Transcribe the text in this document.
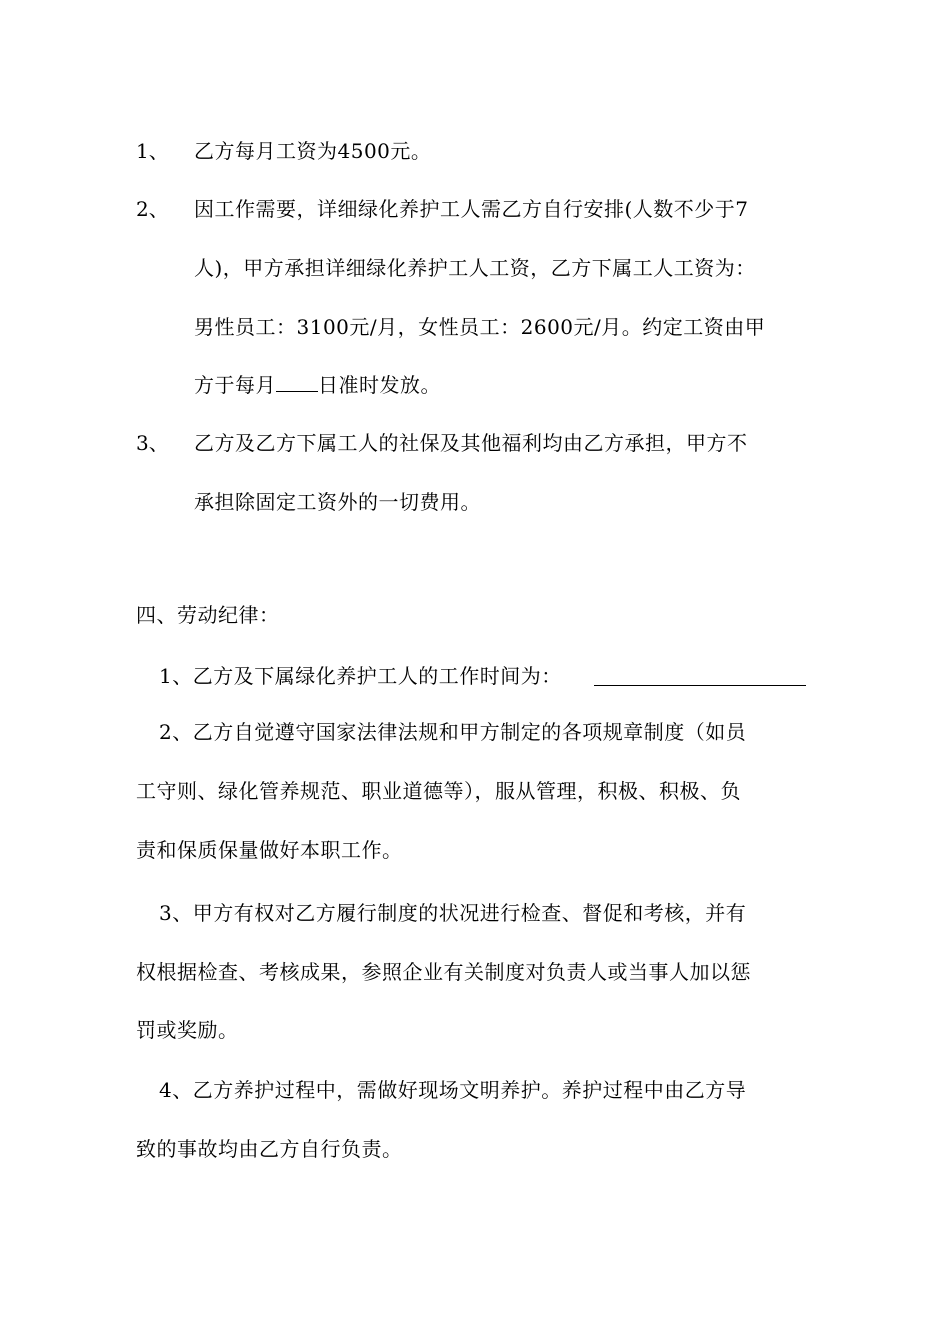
1、 乙方每月工资为4500元。
2、 因工作需要，详细绿化养护工人需乙方自行安排(人数不少于7
人)，甲方承担详细绿化养护工人工资，乙方下属工人工资为：
男性员工：3100元/月，女性员工：2600元/月。约定工资由甲
方于每月 日准时发放。
3、 乙方及乙方下属工人的社保及其他福利均由乙方承担，甲方不
承担除固定工资外的一切费用。
四、劳动纪律：
1、乙方及下属绿化养护工人的工作时间为：
2、乙方自觉遵守国家法律法规和甲方制定的各项规章制度（如员
工守则、绿化管养规范、职业道德等），服从管理，积极、积极、负
责和保质保量做好本职工作。
3、甲方有权对乙方履行制度的状况进行检查、督促和考核，并有
权根据检查、考核成果，参照企业有关制度对负责人或当事人加以惩
罚或奖励。
4、乙方养护过程中，需做好现场文明养护。养护过程中由乙方导
致的事故均由乙方自行负责。
